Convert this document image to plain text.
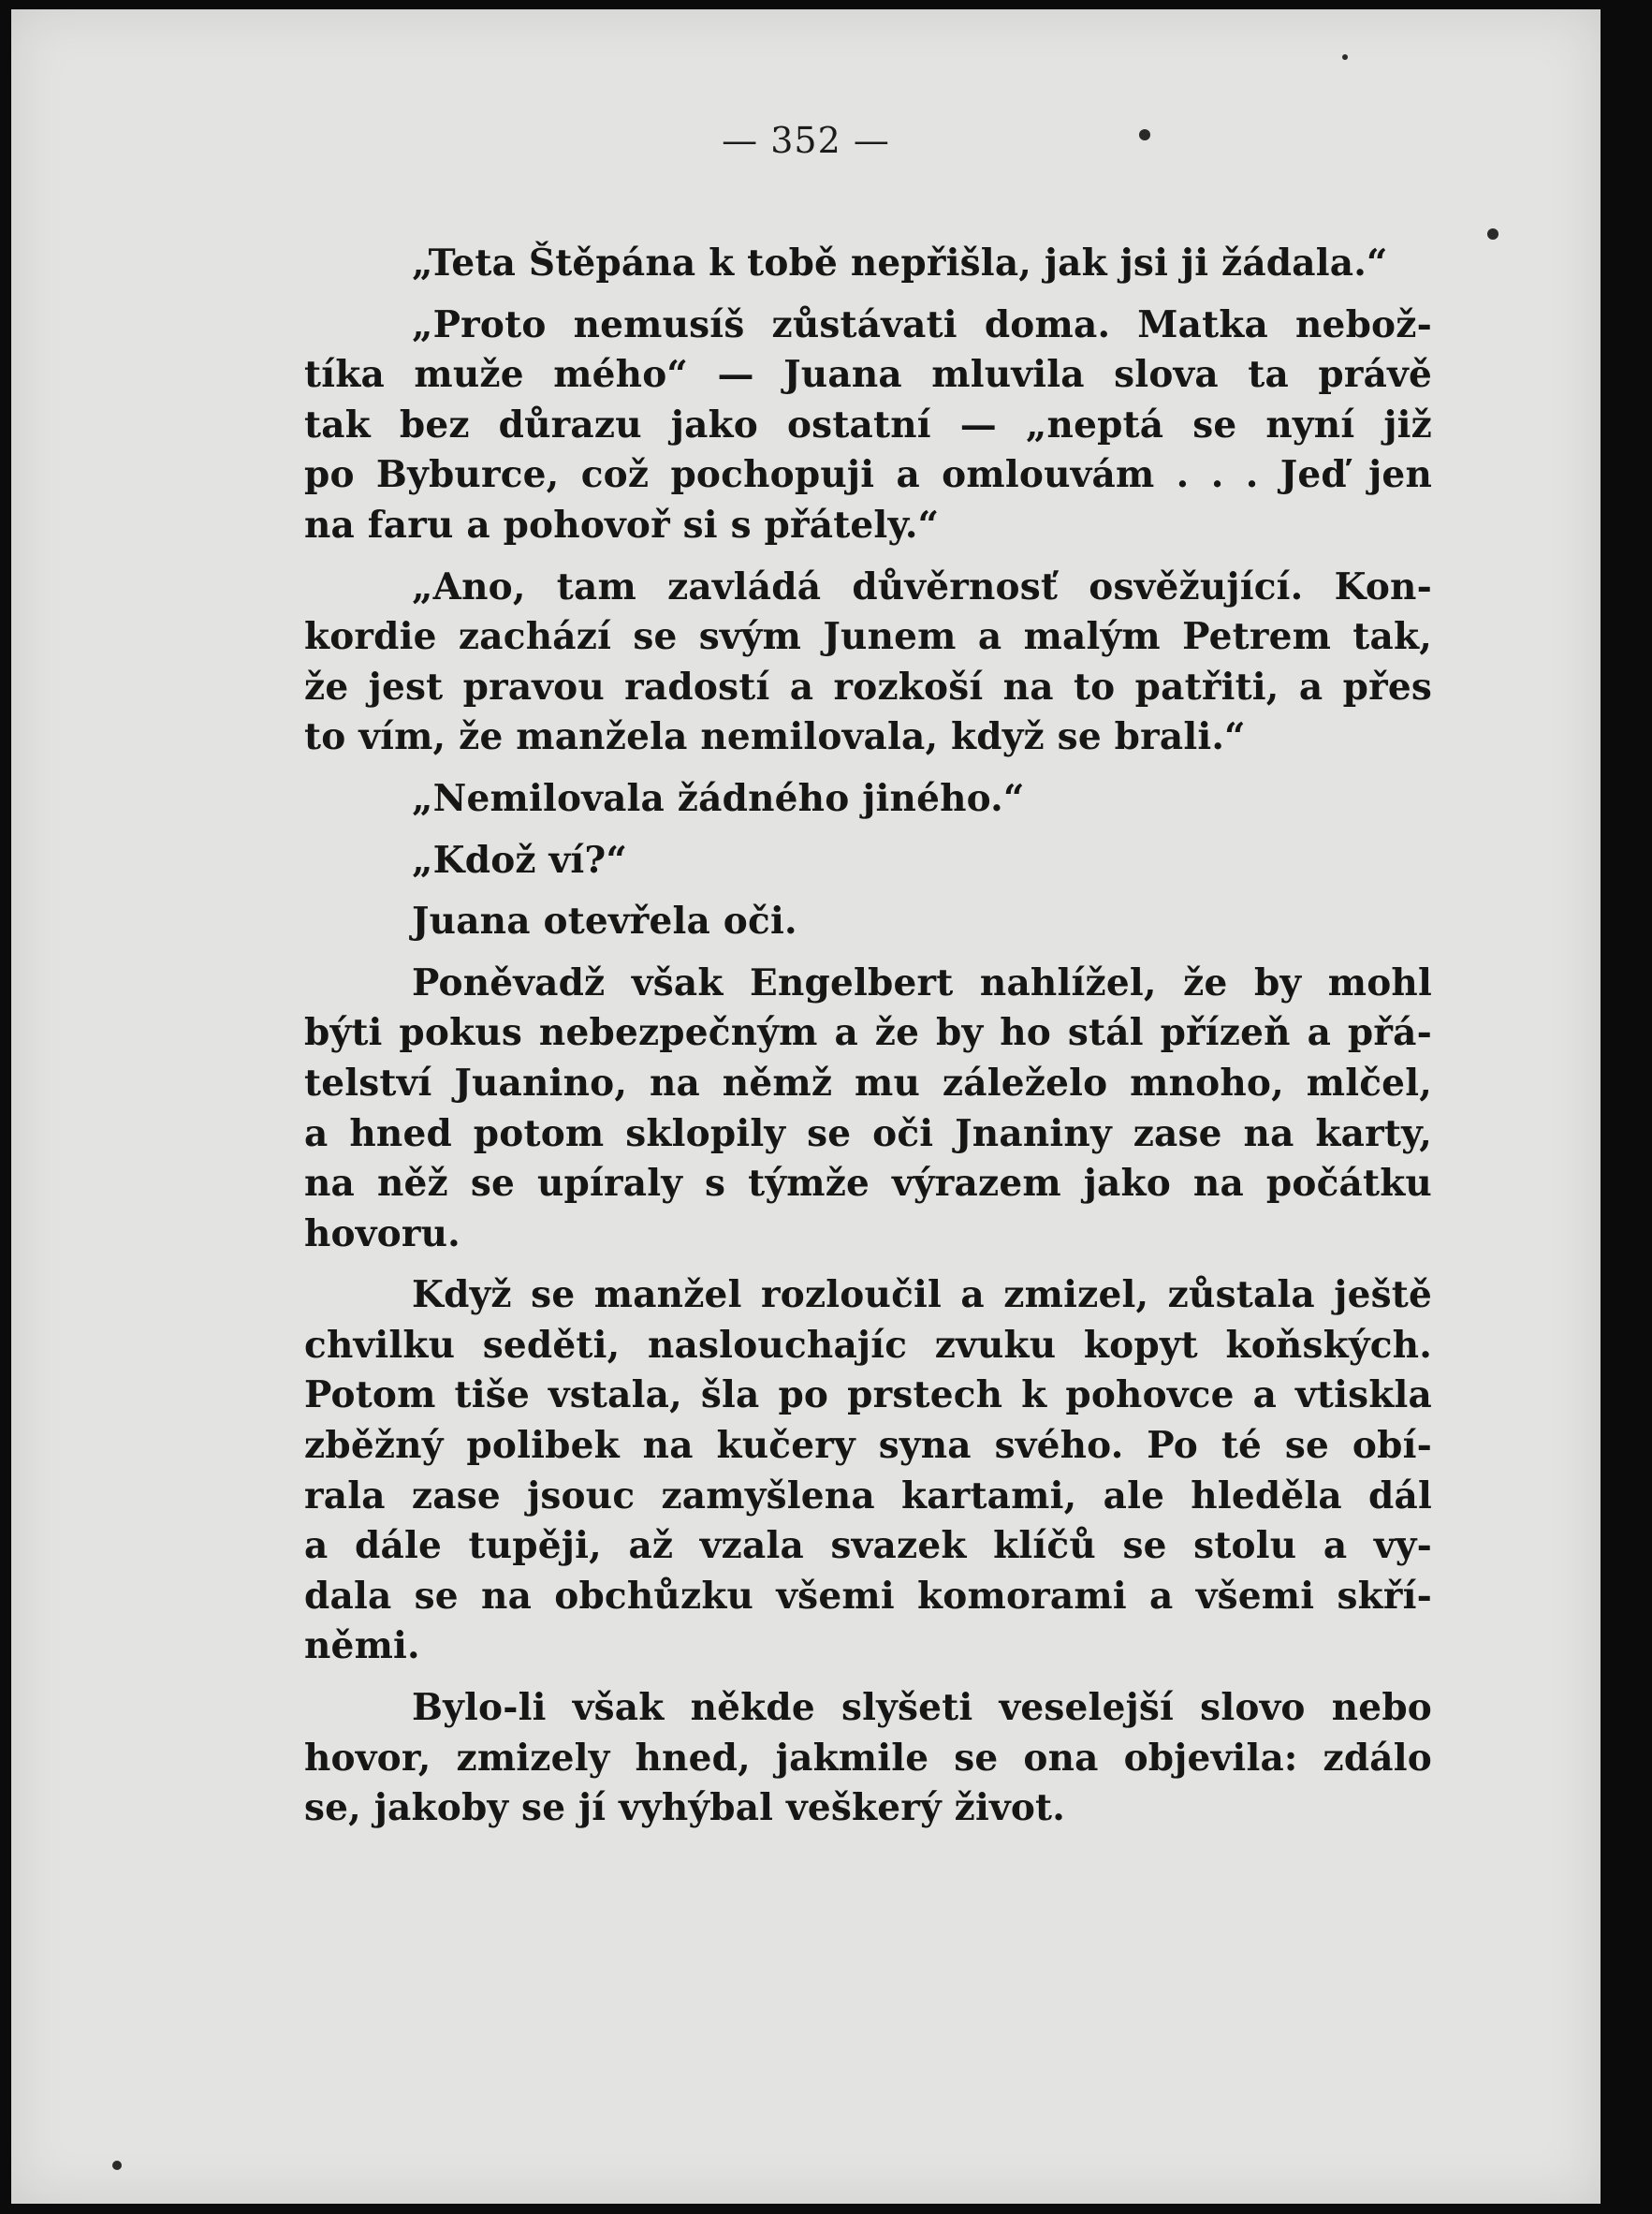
— 352 —
„Teta Štěpána k tobě nepřišla, jak jsi ji žádala.“
„Proto nemusíš zůstávati doma. Matka nebož-
tíka muže mého“ — Juana mluvila slova ta právě
tak bez důrazu jako ostatní — „neptá se nyní již
po Byburce, což pochopuji a omlouvám . . . Jeď jen
na faru a pohovoř si s přátely.“
„Ano, tam zavládá důvěrnosť osvěžující. Kon-
kordie zachází se svým Junem a malým Petrem tak,
že jest pravou radostí a rozkoší na to patřiti, a přes
to vím, že manžela nemilovala, když se brali.“
„Nemilovala žádného jiného.“
„Kdož ví?“
Juana otevřela oči.
Poněvadž však Engelbert nahlížel, že by mohl
býti pokus nebezpečným a že by ho stál přízeň a přá-
telství Juanino, na němž mu záleželo mnoho, mlčel,
a hned potom sklopily se oči Jnaniny zase na karty,
na něž se upíraly s týmže výrazem jako na počátku
hovoru.
Když se manžel rozloučil a zmizel, zůstala ještě
chvilku seděti, naslouchajíc zvuku kopyt koňských.
Potom tiše vstala, šla po prstech k pohovce a vtiskla
zběžný polibek na kučery syna svého. Po té se obí-
rala zase jsouc zamyšlena kartami, ale hleděla dál
a dále tupěji, až vzala svazek klíčů se stolu a vy-
dala se na obchůzku všemi komorami a všemi skří-
němi.
Bylo-li však někde slyšeti veselejší slovo nebo
hovor, zmizely hned, jakmile se ona objevila: zdálo
se, jakoby se jí vyhýbal veškerý život.
